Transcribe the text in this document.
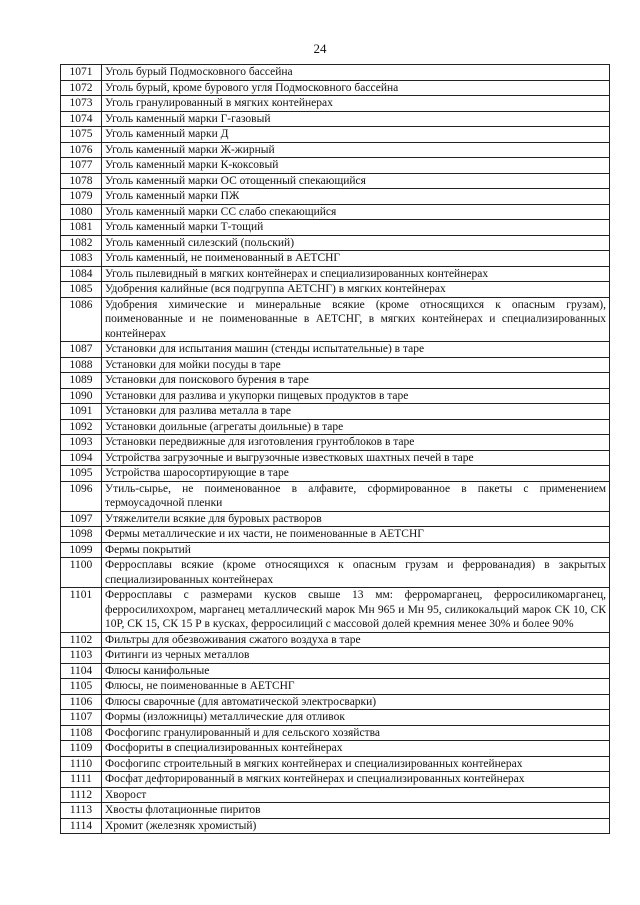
24
1071	Уголь бурый Подмосковного бассейна
1072	Уголь бурый, кроме бурового угля Подмосковного бассейна
1073	Уголь гранулированный в мягких контейнерах
1074	Уголь каменный марки Г-газовый
1075	Уголь каменный марки Д
1076	Уголь каменный марки Ж-жирный
1077	Уголь каменный марки К-коксовый
1078	Уголь каменный марки ОС отощенный спекающийся
1079	Уголь каменный марки ПЖ
1080	Уголь каменный марки СС слабо спекающийся
1081	Уголь каменный марки Т-тощий
1082	Уголь каменный силезский (польский)
1083	Уголь каменный, не поименованный в АЕТСНГ
1084	Уголь пылевидный в мягких контейнерах и специализированных контейнерах
1085	Удобрения калийные (вся подгруппа АЕТСНГ) в мягких контейнерах
1086	Удобрения химические и минеральные всякие (кроме относящихся к опасным грузам), поименованные и не поименованные в АЕТСНГ, в мягких контейнерах и специализированных контейнерах
1087	Установки для испытания машин (стенды испытательные) в таре
1088	Установки для мойки посуды в таре
1089	Установки для поискового бурения в таре
1090	Установки для разлива и укупорки пищевых продуктов в таре
1091	Установки для разлива металла в таре
1092	Установки доильные (агрегаты доильные) в таре
1093	Установки передвижные для изготовления грунтоблоков в таре
1094	Устройства загрузочные и выгрузочные известковых шахтных печей в таре
1095	Устройства шаросортирующие в таре
1096	Утиль-сырье, не поименованное в алфавите, сформированное в пакеты с применением термоусадочной пленки
1097	Утяжелители всякие для буровых растворов
1098	Фермы металлические и их части, не поименованные в АЕТСНГ
1099	Фермы покрытий
1100	Ферросплавы всякие (кроме относящихся к опасным грузам и феррованадия) в закрытых специализированных контейнерах
1101	Ферросплавы с размерами кусков свыше 13 мм: ферромарганец, ферросиликомарганец, ферросилихохром, марганец металлический марок Мн 965 и Мн 95, силикокальций марок СК 10, СК 10Р, СК 15, СК 15 Р в кусках, ферросилиций с массовой долей кремния менее 30% и более 90%
1102	Фильтры для обезвоживания сжатого воздуха в таре
1103	Фитинги из черных металлов
1104	Флюсы канифольные
1105	Флюсы, не поименованные в АЕТСНГ
1106	Флюсы сварочные (для автоматической электросварки)
1107	Формы (изложницы) металлические для отливок
1108	Фосфогипс гранулированный и для сельского хозяйства
1109	Фосфориты в специализированных контейнерах
1110	Фосфогипс строительный в мягких контейнерах и специализированных контейнерах
1111	Фосфат дефторированный в мягких контейнерах и специализированных контейнерах
1112	Хворост
1113	Хвосты флотационные пиритов
1114	Хромит (железняк хромистый)
